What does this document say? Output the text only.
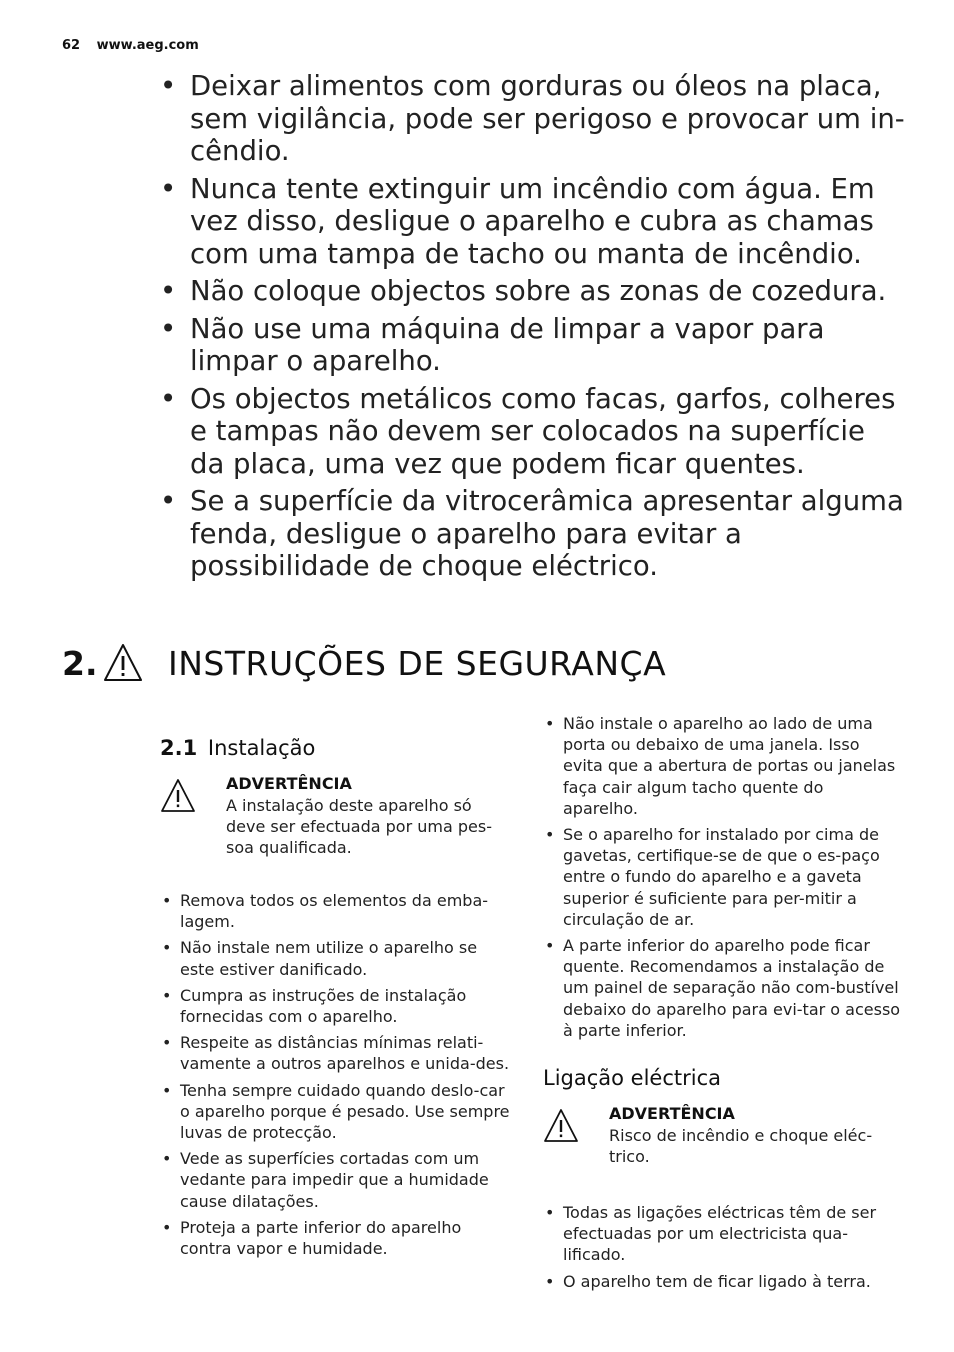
62 www.aeg.com
• Deixar alimentos com gorduras ou óleos na placa, sem vigilância, pode ser perigoso e provocar um in-cêndio.
• Nunca tente extinguir um incêndio com água. Em vez disso, desligue o aparelho e cubra as chamas com uma tampa de tacho ou manta de incêndio.
• Não coloque objectos sobre as zonas de cozedura.
• Não use uma máquina de limpar a vapor para limpar o aparelho.
• Os objectos metálicos como facas, garfos, colheres e tampas não devem ser colocados na superfície da placa, uma vez que podem ficar quentes.
• Se a superfície da vitrocerâmica apresentar alguma fenda, desligue o aparelho para evitar a possibilidade de choque eléctrico.
2. INSTRUÇÕES DE SEGURANÇA
2.1 Instalação
ADVERTÊNCIA
A instalação deste aparelho só deve ser efectuada por uma pes-soa qualificada.
• Remova todos os elementos da emba-lagem.
• Não instale nem utilize o aparelho se este estiver danificado.
• Cumpra as instruções de instalação fornecidas com o aparelho.
• Respeite as distâncias mínimas relati-vamente a outros aparelhos e unida-des.
• Tenha sempre cuidado quando deslo-car o aparelho porque é pesado. Use sempre luvas de protecção.
• Vede as superfícies cortadas com um vedante para impedir que a humidade cause dilatações.
• Proteja a parte inferior do aparelho contra vapor e humidade.
• Não instale o aparelho ao lado de uma porta ou debaixo de uma janela. Isso evita que a abertura de portas ou janelas faça cair algum tacho quente do aparelho.
• Se o aparelho for instalado por cima de gavetas, certifique-se de que o es-paço entre o fundo do aparelho e a gaveta superior é suficiente para per-mitir a circulação de ar.
• A parte inferior do aparelho pode ficar quente. Recomendamos a instalação de um painel de separação não com-bustível debaixo do aparelho para evi-tar o acesso à parte inferior.
Ligação eléctrica
ADVERTÊNCIA
Risco de incêndio e choque eléc-trico.
• Todas as ligações eléctricas têm de ser efectuadas por um electricista qua-lificado.
• O aparelho tem de ficar ligado à terra.
